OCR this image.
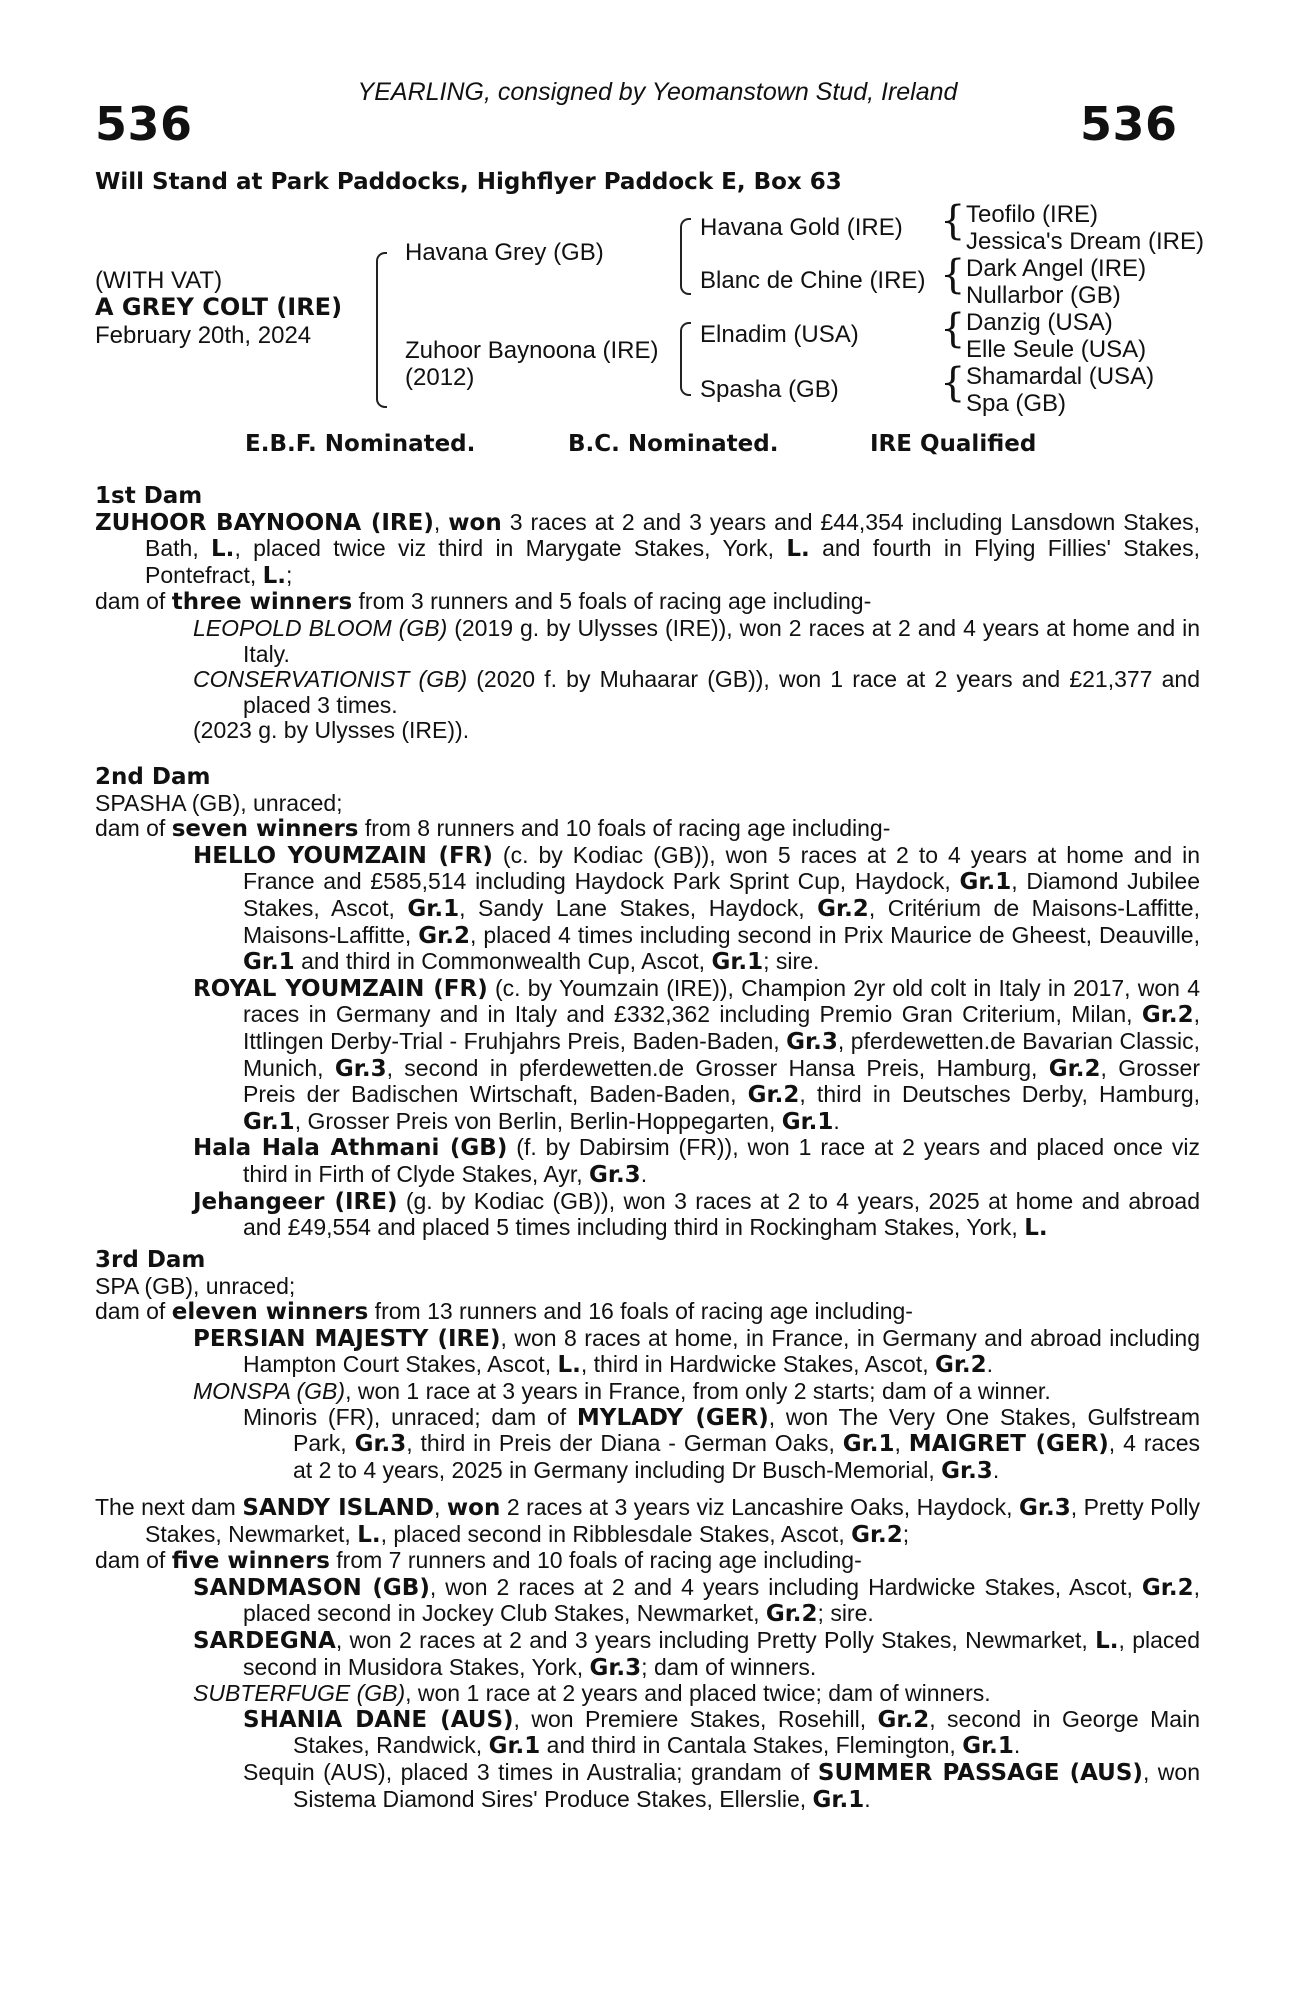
YEARLING, consigned by Yeomanstown Stud, Ireland
536	536
Will Stand at Park Paddocks, Highflyer Paddock E, Box 63
(WITH VAT)
A GREY COLT (IRE)
February 20th, 2024
Havana Grey (GB)
Zuhoor Baynoona (IRE)
(2012)
Havana Gold (IRE)
Blanc de Chine (IRE)
Elnadim (USA)
Spasha (GB)
{
{
{
{
Teofilo (IRE)
Jessica's Dream (IRE)
Dark Angel (IRE)
Nullarbor (GB)
Danzig (USA)
Elle Seule (USA)
Shamardal (USA)
Spa (GB)
E.B.F. Nominated.	B.C. Nominated.	IRE Qualified

1st Dam

ZUHOOR BAYNOONA (IRE), won 3 races at 2 and 3 years and £44,354 including Lansdown Stakes, Bath, L., placed twice viz third in Marygate Stakes, York, L. and fourth in Flying Fillies' Stakes, Pontefract, L.;

dam of three winners from 3 runners and 5 foals of racing age including-

LEOPOLD BLOOM (GB) (2019 g. by Ulysses (IRE)), won 2 races at 2 and 4 years at home and in Italy.

CONSERVATIONIST (GB) (2020 f. by Muhaarar (GB)), won 1 race at 2 years and £21,377 and placed 3 times.

(2023 g. by Ulysses (IRE)).

2nd Dam

SPASHA (GB), unraced;

dam of seven winners from 8 runners and 10 foals of racing age including-

HELLO YOUMZAIN (FR) (c. by Kodiac (GB)), won 5 races at 2 to 4 years at home and in France and £585,514 including Haydock Park Sprint Cup, Haydock, Gr.1, Diamond Jubilee Stakes, Ascot, Gr.1, Sandy Lane Stakes, Haydock, Gr.2, Critérium de Maisons-Laffitte, Maisons-Laffitte, Gr.2, placed 4 times including second in Prix Maurice de Gheest, Deauville, Gr.1 and third in Commonwealth Cup, Ascot, Gr.1; sire.

ROYAL YOUMZAIN (FR) (c. by Youmzain (IRE)), Champion 2yr old colt in Italy in 2017, won 4 races in Germany and in Italy and £332,362 including Premio Gran Criterium, Milan, Gr.2, Ittlingen Derby-Trial - Fruhjahrs Preis, Baden-Baden, Gr.3, pferdewetten.de Bavarian Classic, Munich, Gr.3, second in pferdewetten.de Grosser Hansa Preis, Hamburg, Gr.2, Grosser Preis der Badischen Wirtschaft, Baden-Baden, Gr.2, third in Deutsches Derby, Hamburg, Gr.1, Grosser Preis von Berlin, Berlin-Hoppegarten, Gr.1.

Hala Hala Athmani (GB) (f. by Dabirsim (FR)), won 1 race at 2 years and placed once viz third in Firth of Clyde Stakes, Ayr, Gr.3.

Jehangeer (IRE) (g. by Kodiac (GB)), won 3 races at 2 to 4 years, 2025 at home and abroad and £49,554 and placed 5 times including third in Rockingham Stakes, York, L.

3rd Dam

SPA (GB), unraced;

dam of eleven winners from 13 runners and 16 foals of racing age including-

PERSIAN MAJESTY (IRE), won 8 races at home, in France, in Germany and abroad including Hampton Court Stakes, Ascot, L., third in Hardwicke Stakes, Ascot, Gr.2.

MONSPA (GB), won 1 race at 3 years in France, from only 2 starts; dam of a winner.

Minoris (FR), unraced; dam of MYLADY (GER), won The Very One Stakes, Gulfstream Park, Gr.3, third in Preis der Diana - German Oaks, Gr.1, MAIGRET (GER), 4 races at 2 to 4 years, 2025 in Germany including Dr Busch-Memorial, Gr.3.

The next dam SANDY ISLAND, won 2 races at 3 years viz Lancashire Oaks, Haydock, Gr.3, Pretty Polly Stakes, Newmarket, L., placed second in Ribblesdale Stakes, Ascot, Gr.2;

dam of five winners from 7 runners and 10 foals of racing age including-

SANDMASON (GB), won 2 races at 2 and 4 years including Hardwicke Stakes, Ascot, Gr.2, placed second in Jockey Club Stakes, Newmarket, Gr.2; sire.

SARDEGNA, won 2 races at 2 and 3 years including Pretty Polly Stakes, Newmarket, L., placed second in Musidora Stakes, York, Gr.3; dam of winners.

SUBTERFUGE (GB), won 1 race at 2 years and placed twice; dam of winners.

SHANIA DANE (AUS), won Premiere Stakes, Rosehill, Gr.2, second in George Main Stakes, Randwick, Gr.1 and third in Cantala Stakes, Flemington, Gr.1.

Sequin (AUS), placed 3 times in Australia; grandam of SUMMER PASSAGE (AUS), won Sistema Diamond Sires' Produce Stakes, Ellerslie, Gr.1.
